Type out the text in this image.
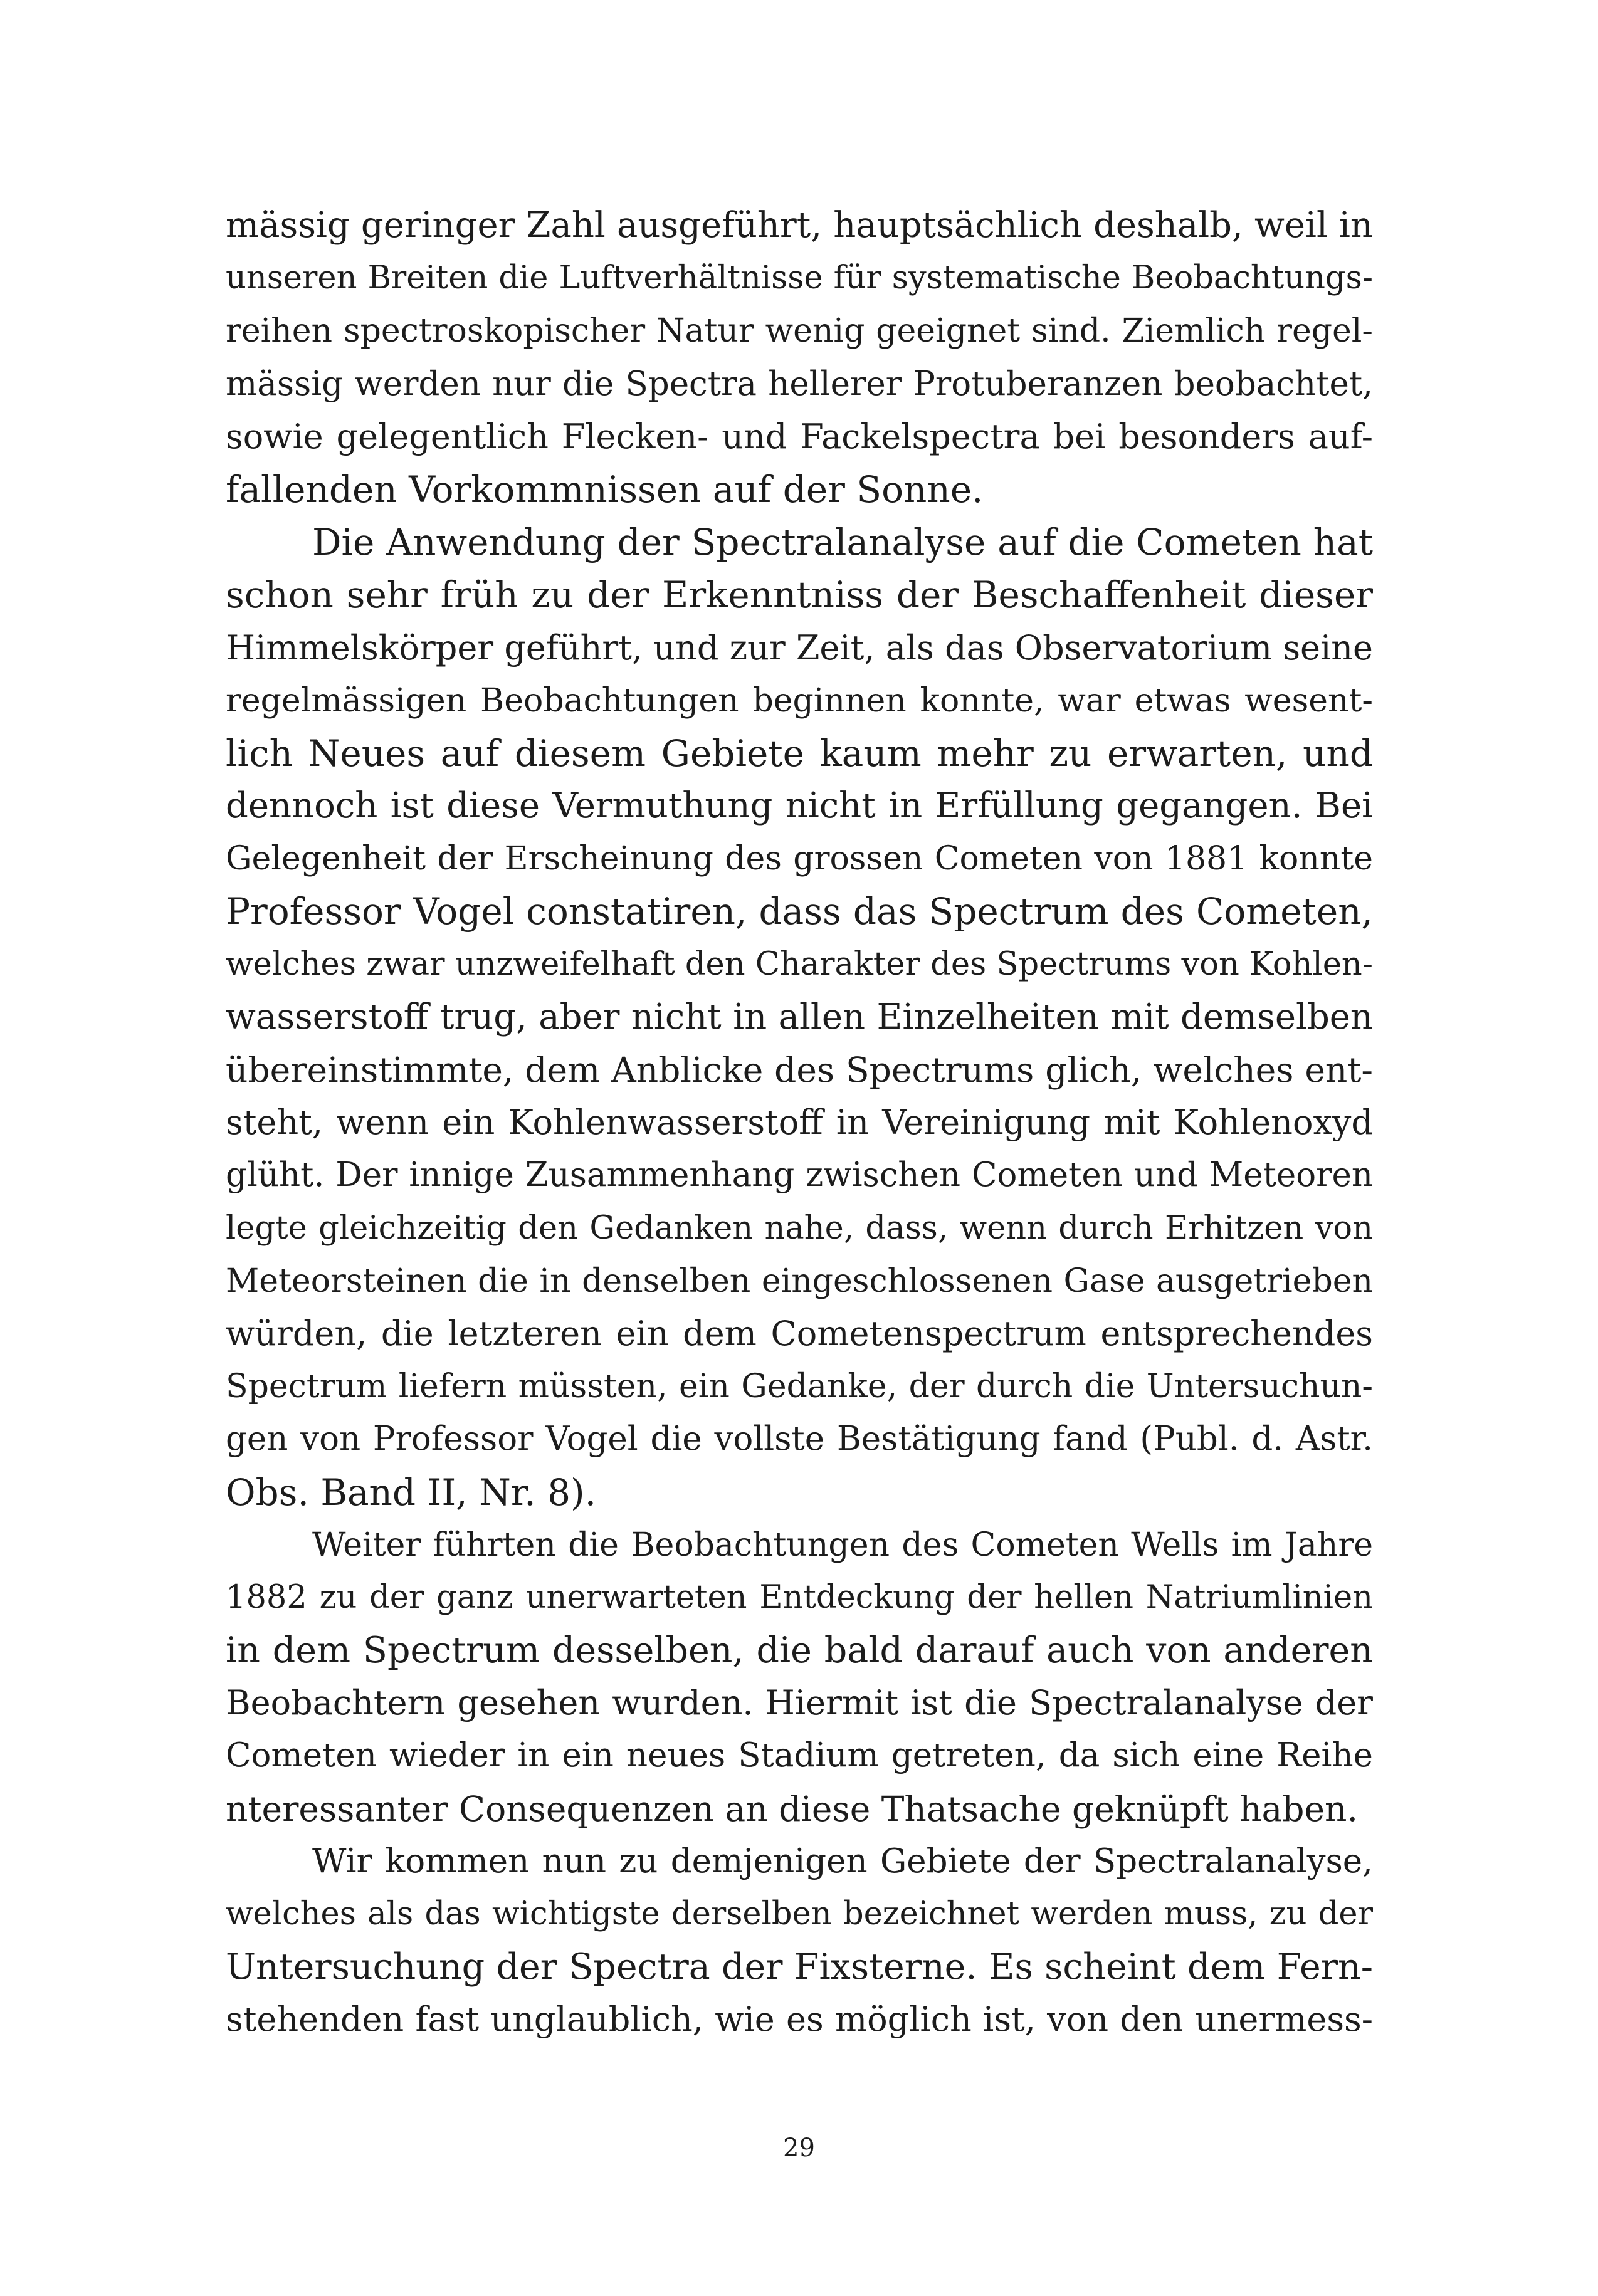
mässig geringer Zahl ausgeführt, hauptsächlich deshalb, weil in
unseren Breiten die Luftverhältnisse für systematische Beobachtungs-
reihen spectroskopischer Natur wenig geeignet sind. Ziemlich regel-
mässig werden nur die Spectra hellerer Protuberanzen beobachtet,
sowie gelegentlich Flecken- und Fackelspectra bei besonders auf-
fallenden Vorkommnissen auf der Sonne.
Die Anwendung der Spectralanalyse auf die Cometen hat
schon sehr früh zu der Erkenntniss der Beschaffenheit dieser
Himmelskörper geführt, und zur Zeit, als das Observatorium seine
regelmässigen Beobachtungen beginnen konnte, war etwas wesent-
lich Neues auf diesem Gebiete kaum mehr zu erwarten, und
dennoch ist diese Vermuthung nicht in Erfüllung gegangen. Bei
Gelegenheit der Erscheinung des grossen Cometen von 1881 konnte
Professor Vogel constatiren, dass das Spectrum des Cometen,
welches zwar unzweifelhaft den Charakter des Spectrums von Kohlen-
wasserstoff trug, aber nicht in allen Einzelheiten mit demselben
übereinstimmte, dem Anblicke des Spectrums glich, welches ent-
steht, wenn ein Kohlenwasserstoff in Vereinigung mit Kohlenoxyd
glüht. Der innige Zusammenhang zwischen Cometen und Meteoren
legte gleichzeitig den Gedanken nahe, dass, wenn durch Erhitzen von
Meteorsteinen die in denselben eingeschlossenen Gase ausgetrieben
würden, die letzteren ein dem Cometenspectrum entsprechendes
Spectrum liefern müssten, ein Gedanke, der durch die Untersuchun-
gen von Professor Vogel die vollste Bestätigung fand (Publ. d. Astr.
Obs. Band II, Nr. 8).
Weiter führten die Beobachtungen des Cometen Wells im Jahre
1882 zu der ganz unerwarteten Entdeckung der hellen Natriumlinien
in dem Spectrum desselben, die bald darauf auch von anderen
Beobachtern gesehen wurden. Hiermit ist die Spectralanalyse der
Cometen wieder in ein neues Stadium getreten, da sich eine Reihe
nteressanter Consequenzen an diese Thatsache geknüpft haben.
Wir kommen nun zu demjenigen Gebiete der Spectralanalyse,
welches als das wichtigste derselben bezeichnet werden muss, zu der
Untersuchung der Spectra der Fixsterne. Es scheint dem Fern-
stehenden fast unglaublich, wie es möglich ist, von den unermess-
29
